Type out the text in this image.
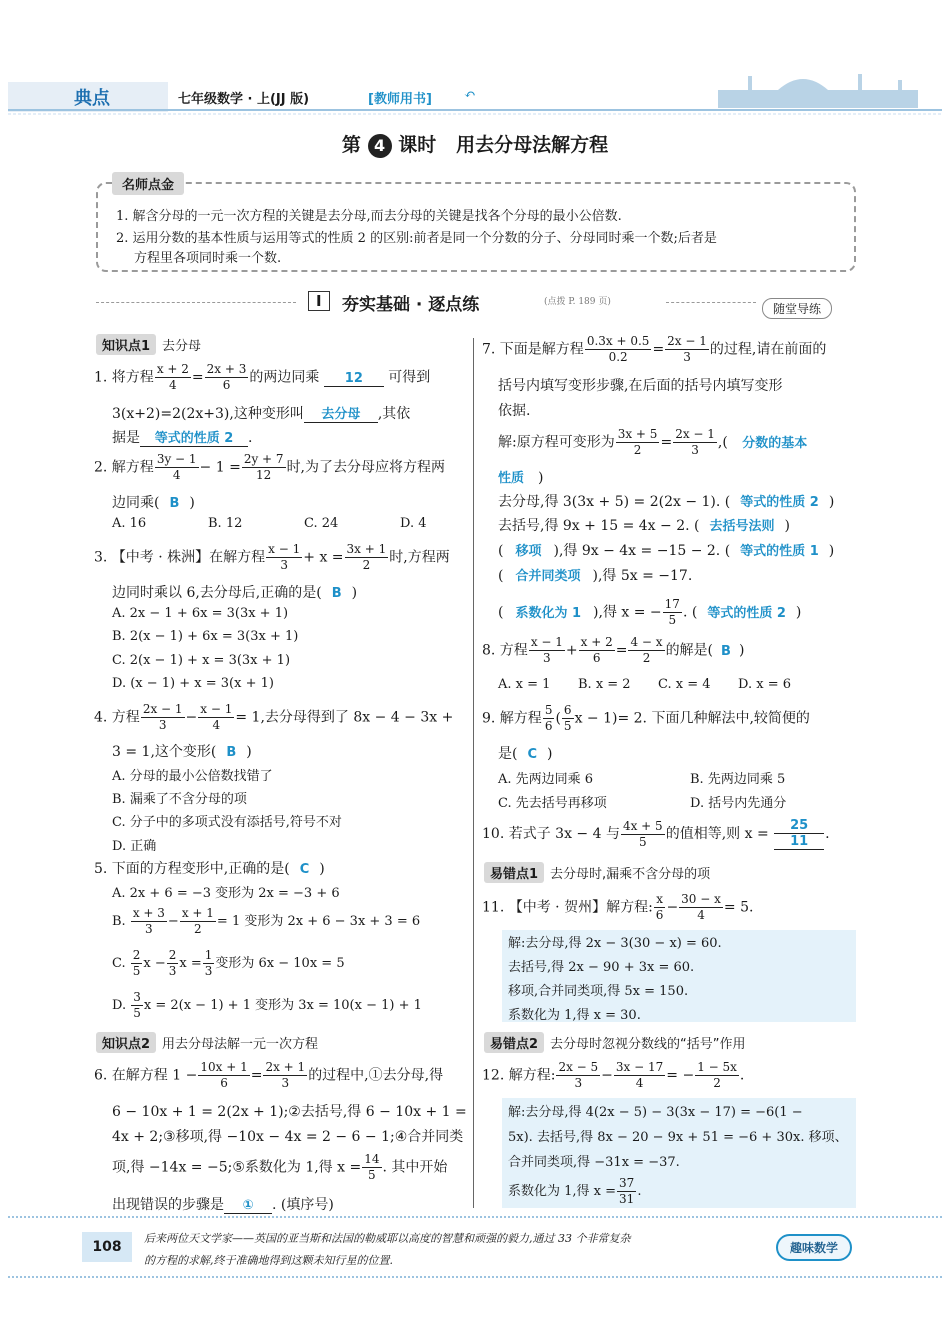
典点	七年级数学 · 上(JJ 版)	[教师用书] ↶
第 4 课时 用去分母法解方程
名师点金
1. 解含分母的一元一次方程的关键是去分母,而去分母的关键是找各个分母的最小公倍数.
2. 运用分数的基本性质与运用等式的性质 2 的区别:前者是同一个分数的分子、分母同时乘一个数;后者是
方程里各项同时乘一个数.
I	夯实基础 · 逐点练	(点拨 P. 189 页)	随堂导练
知识点1 去分母
1. 将方程 $\frac{x + 2}{4} = \frac{2x + 3}{6}$ 的两边同乘 12 可得到
3(x+2)=2(2x+3),这种变形叫 去分母 ,其依
据是 等式的性质 2 .
2. 解方程 $\frac{3y - 1}{4} - 1 = \frac{2y + 7}{12}$ 时,为了去分母应将方程两
边同乘( B )
A. 16	B. 12	C. 24	D. 4
3. 【中考 · 株洲】在解方程 $\frac{x - 1}{3} + x = \frac{3x + 1}{2}$ 时,方程两
边同时乘以 6,去分母后,正确的是( B )
A. 2x − 1 + 6x = 3(3x + 1)
B. 2(x − 1) + 6x = 3(3x + 1)
C. 2(x − 1) + x = 3(3x + 1)
D. (x − 1) + x = 3(x + 1)
4. 方程 $\frac{2x - 1}{3} - \frac{x - 1}{4} = 1$,去分母得到了 8x − 4 − 3x +
3 = 1,这个变形( B )
A. 分母的最小公倍数找错了
B. 漏乘了不含分母的项
C. 分子中的多项式没有添括号,符号不对
D. 正确
5. 下面的方程变形中,正确的是( C )
A. 2x + 6 = −3 变形为 2x = −3 + 6
B. $\frac{x + 3}{3} - \frac{x + 1}{2} = 1$ 变形为 2x + 6 − 3x + 3 = 6
C. $\frac{2}{5}$ $x - \frac{2}{3}$ $x = \frac{1}{3}$ 变形为 6x − 10x = 5
D. $\frac{3}{5}$ x = 2(x − 1) + 1 变形为 3x = 10(x − 1) + 1
知识点2 用去分母法解一元一次方程
6. 在解方程 $1 - \frac{10x + 1}{6} = \frac{2x + 1}{3}$ 的过程中,①去分母,得
6 − 10x + 1 = 2(2x + 1);②去括号,得 6 − 10x + 1 =
4x + 2;③移项,得 −10x − 4x = 2 − 6 − 1;④合并同类
项,得 −14x = −5;⑤系数化为 1,得 $x = \frac{14}{5}$ . 其中开始
出现错误的步骤是 ① . (填序号)
7. 下面是解方程 $\frac{0.3x + 0.5}{0.2} = \frac{2x - 1}{3}$ 的过程,请在前面的
括号内填写变形步骤,在后面的括号内填写变形
依据.
解:原方程可变形为 $\frac{3x + 5}{2} = \frac{2x - 1}{3}$ ,( 分数的基本
性质 )
去分母,得 3(3x + 5) = 2(2x − 1). ( 等式的性质 2 )
去括号,得 9x + 15 = 4x − 2. ( 去括号法则 )
( 移项 ),得 9x − 4x = −15 − 2. ( 等式的性质 1 )
( 合并同类项 ),得 5x = −17.
( 系数化为 1 ),得 x = − $\frac{17}{5}$ . ( 等式的性质 2 )
8. 方程 $\frac{x - 1}{3} + \frac{x + 2}{6} = \frac{4 - x}{2}$ 的解是( B )
A. x = 1 B. x = 2 C. x = 4 D. x = 6
9. 解方程 $\frac{5}{6}$ ( $\frac{6}{5}$ x − 1)= 2. 下面几种解法中,较简便的
是( C )
A. 先两边同乘 6	B. 先两边同乘 5
C. 先去括号再移项	D. 括号内先通分
10. 若式子 3x − 4 与 $\frac{4x + 5}{5}$ 的值相等,则 $x = \frac{25}{11}$ .
易错点1 去分母时,漏乘不含分母的项
11. 【中考 · 贺州】解方程: $\frac{x}{6} - \frac{30 - x}{4} = 5$.
解:去分母,得 2x − 3(30 − x) = 60.
去括号,得 2x − 90 + 3x = 60.
移项,合并同类项,得 5x = 150.
系数化为 1,得 x = 30.
易错点2 去分母时忽视分数线的“括号”作用
12. 解方程: $\frac{2x - 5}{3} - \frac{3x - 17}{4}$ = − $\frac{1 - 5x}{2}$ .
解:去分母,得 4(2x − 5) − 3(3x − 17) = −6(1 −
5x). 去括号,得 8x − 20 − 9x + 51 = −6 + 30x. 移项、
合并同类项,得 −31x = −37.
系数化为 1,得 $x = \frac{37}{31}$ .
108
后来两位天文学家——英国的亚当斯和法国的勒威耶以高度的智慧和顽强的毅力,通过 33 个非常复杂
的方程的求解,终于准确地得到这颗未知行星的位置.
趣味数学
